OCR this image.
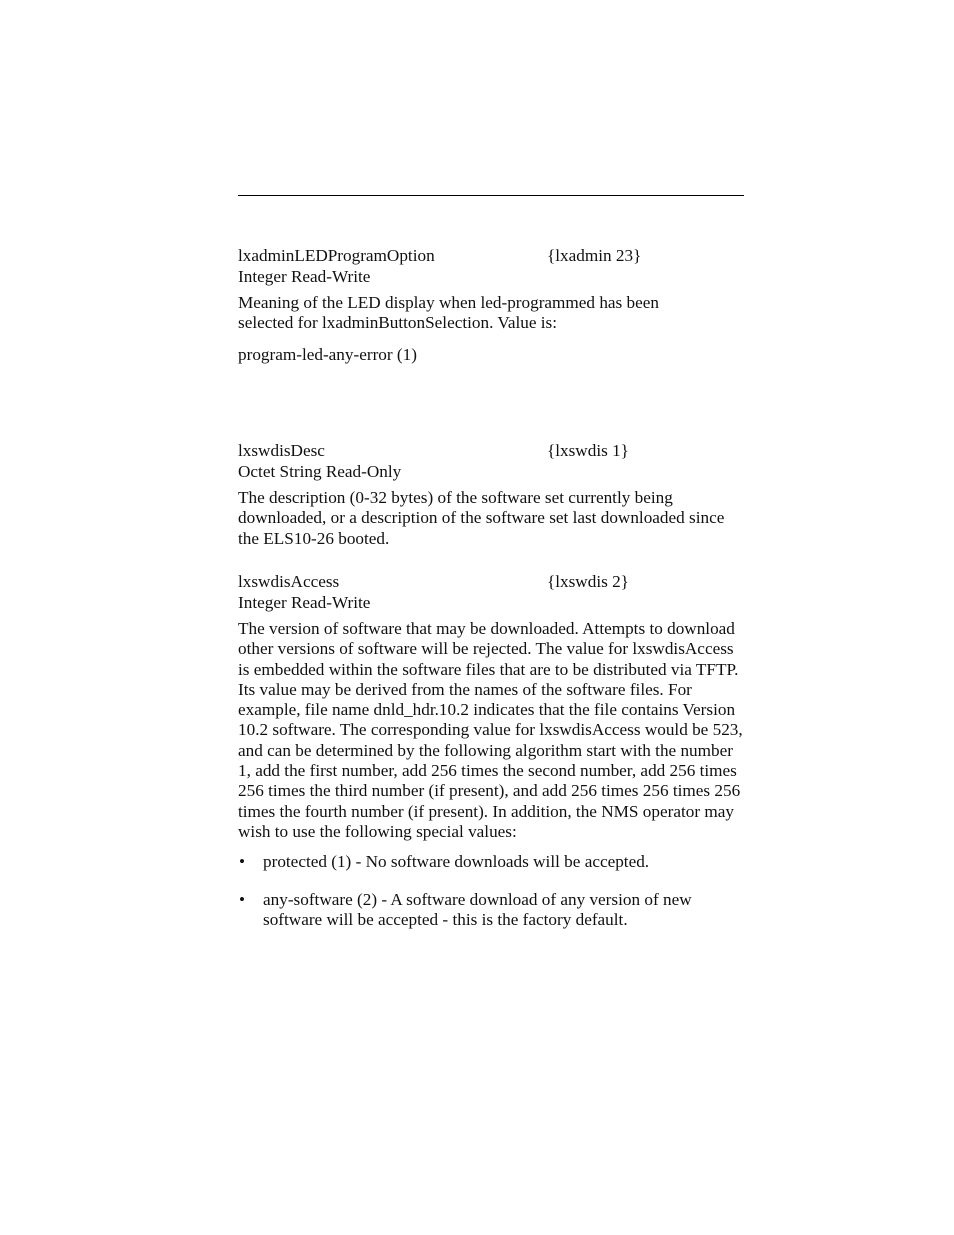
lxadminLEDProgramOption	{lxadmin 23}
Integer Read-Write

Meaning of the LED display when led-programmed has been selected for lxadminButtonSelection. Value is:

program-led-any-error (1)

lxswdisDesc	{lxswdis 1}
Octet String Read-Only

The description (0-32 bytes) of the software set currently being downloaded, or a description of the software set last downloaded since the ELS10-26 booted.

lxswdisAccess	{lxswdis 2}
Integer Read-Write

The version of software that may be downloaded. Attempts to download other versions of software will be rejected. The value for lxswdisAccess is embedded within the software files that are to be distributed via TFTP. Its value may be derived from the names of the software files. For example, file name dnld_hdr.10.2 indicates that the file contains Version 10.2 software. The corresponding value for lxswdisAccess would be 523, and can be determined by the following algorithm start with the number 1, add the first number, add 256 times the second number, add 256 times 256 times the third number (if present), and add 256 times 256 times 256 times the fourth number (if present). In addition, the NMS operator may wish to use the following special values:

• protected (1) - No software downloads will be accepted.
• any-software (2) - A software download of any version of new software will be accepted - this is the factory default.
